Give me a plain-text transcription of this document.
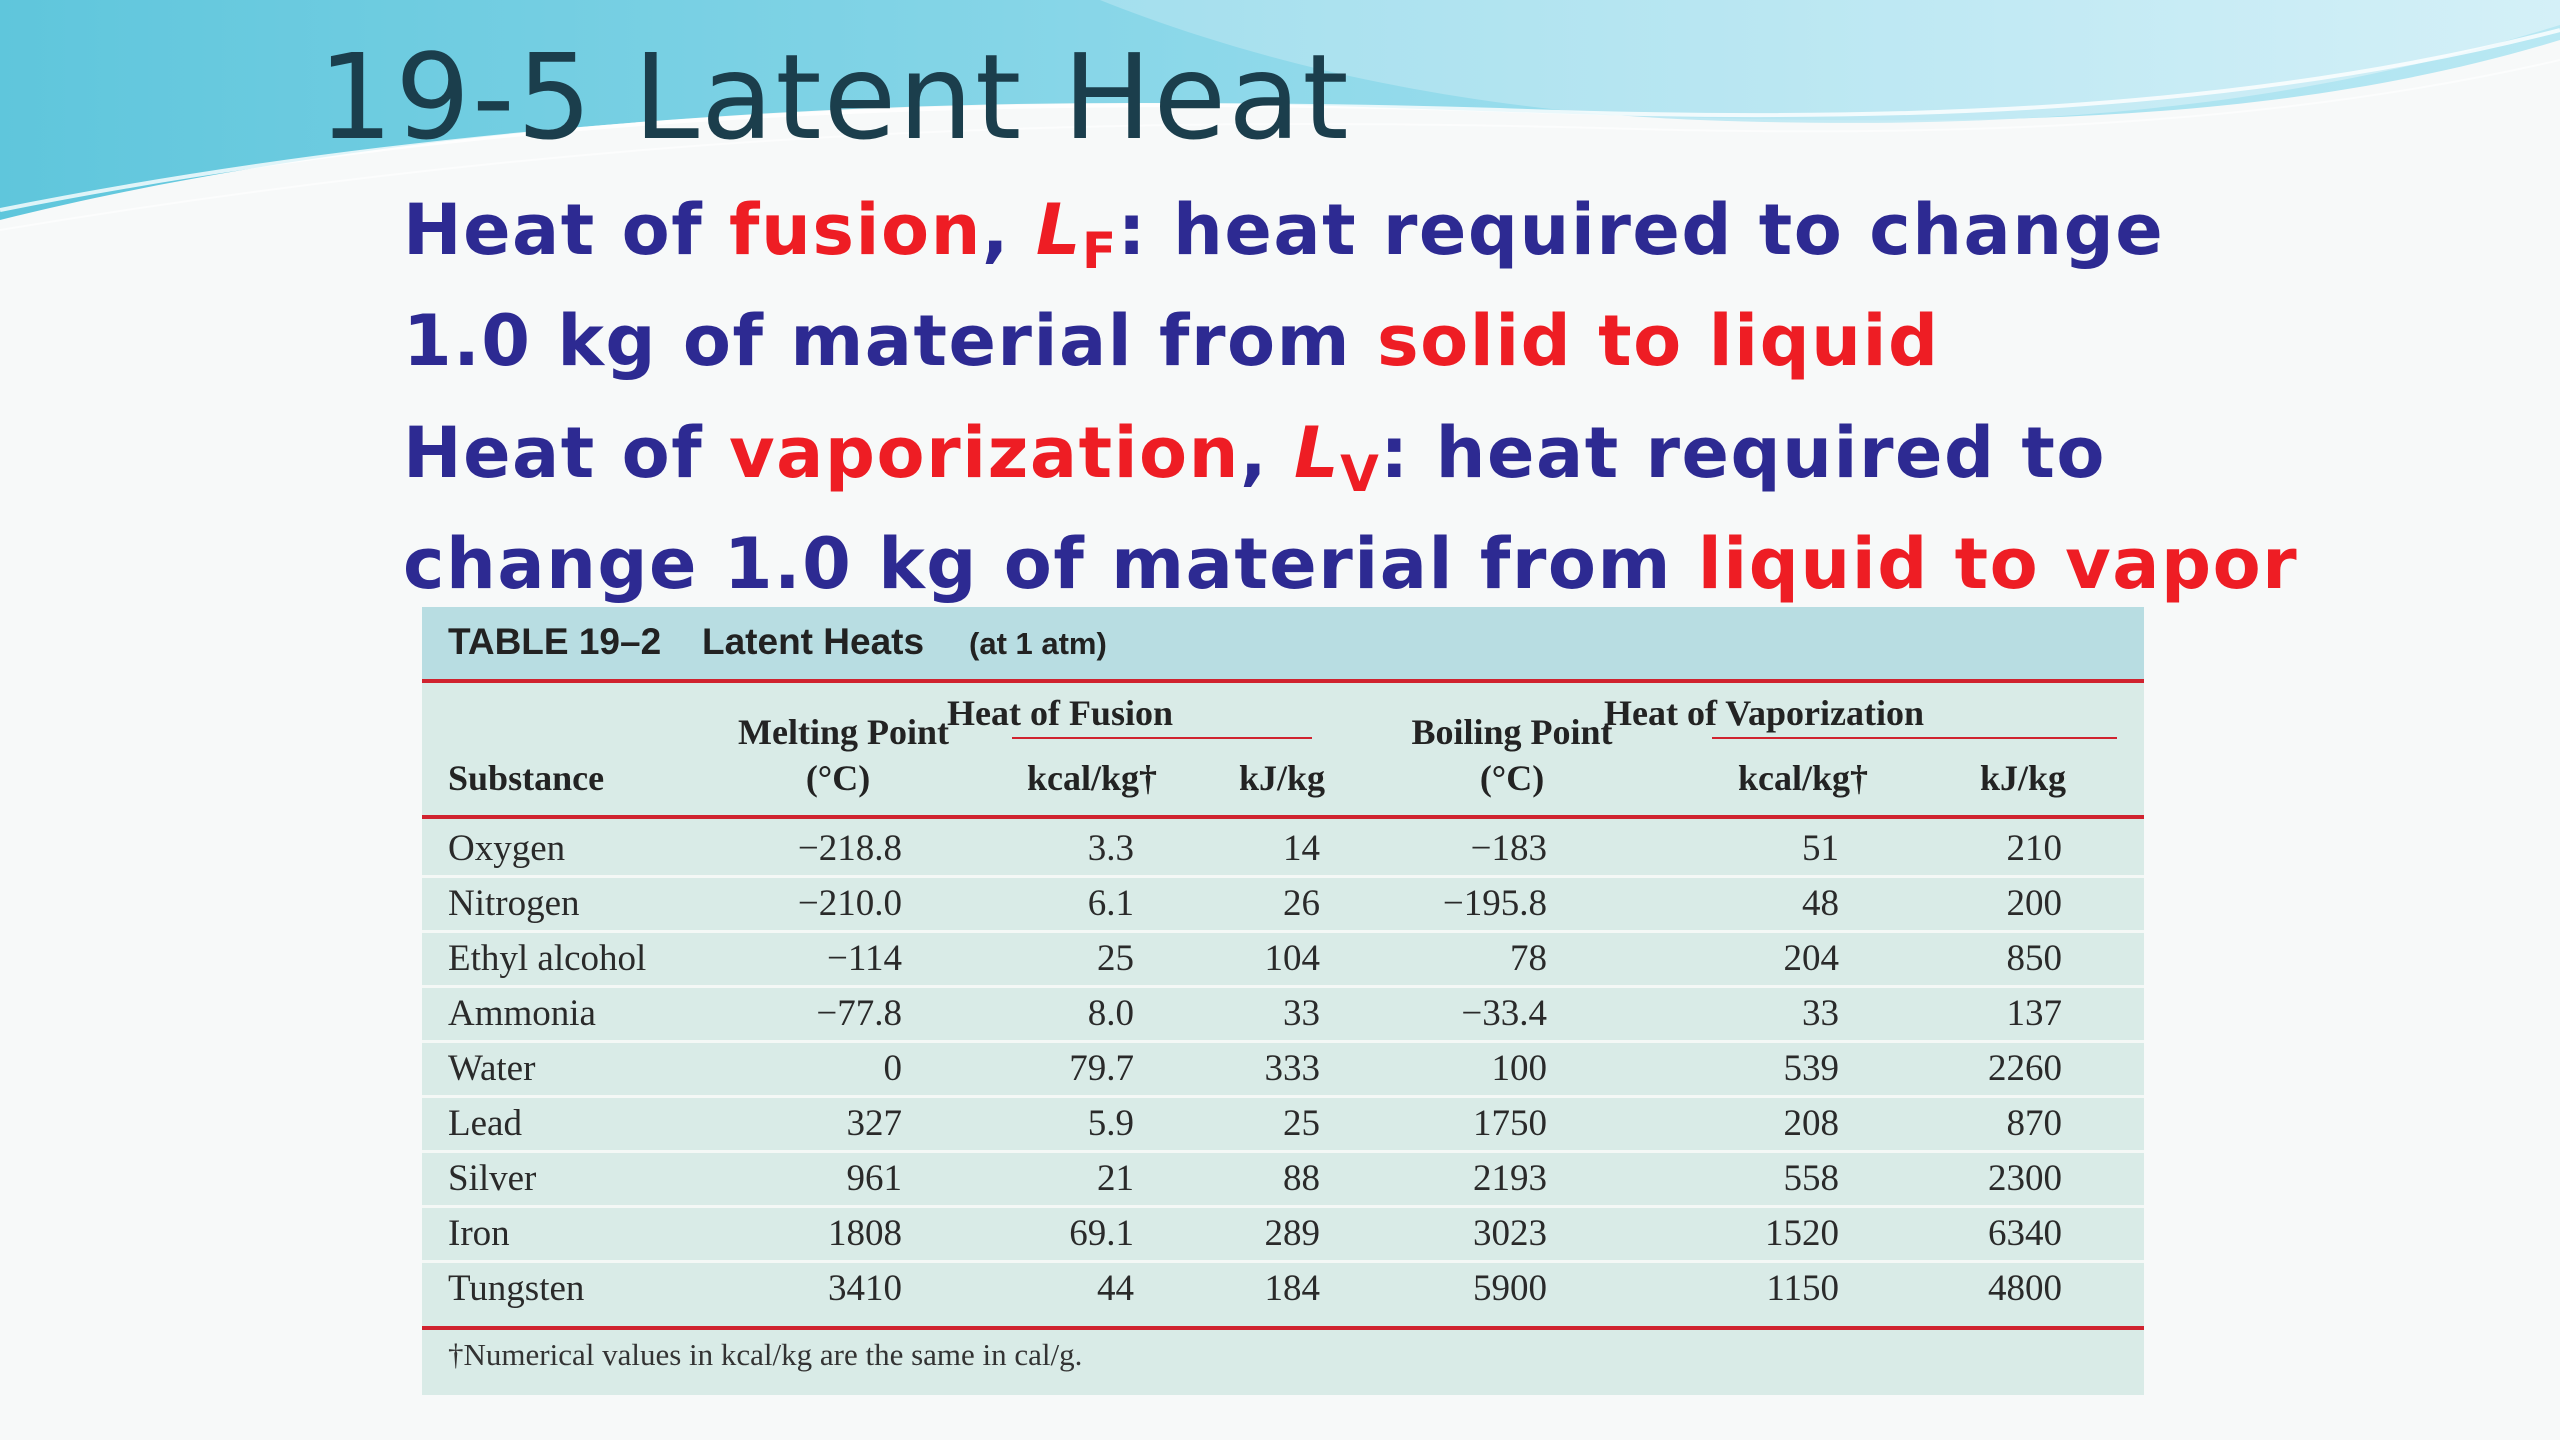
19-5 Latent Heat

Heat of fusion, $L_F$: heat required to change
1.0 kg of material from solid to liquid

Heat of vaporization, $L_V$: heat required to
change 1.0 kg of material from liquid to vapor

TABLE 19–2 Latent Heats (at 1 atm)
Substance
Melting Point
(°C)
Heat of Fusion
kcal/kg† kJ/kg
Boiling Point
(°C)
Heat of Vaporization
kcal/kg†	kJ/kg
Oxygen	−218.8	3.3	14	−183	51	210
Nitrogen	−210.0	6.1	26	−195.8	48	200
Ethyl alcohol	−114	25	104	78	204	850
Ammonia	−77.8	8.0	33	−33.4	33	137
Water	0	79.7	333	100	539	2260
Lead	327	5.9	25	1750	208	870
Silver	961	21	88	2193	558	2300
Iron	1808	69.1	289	3023	1520	6340
Tungsten	3410	44	184	5900	1150	4800
†Numerical values in kcal/kg are the same in cal/g.
